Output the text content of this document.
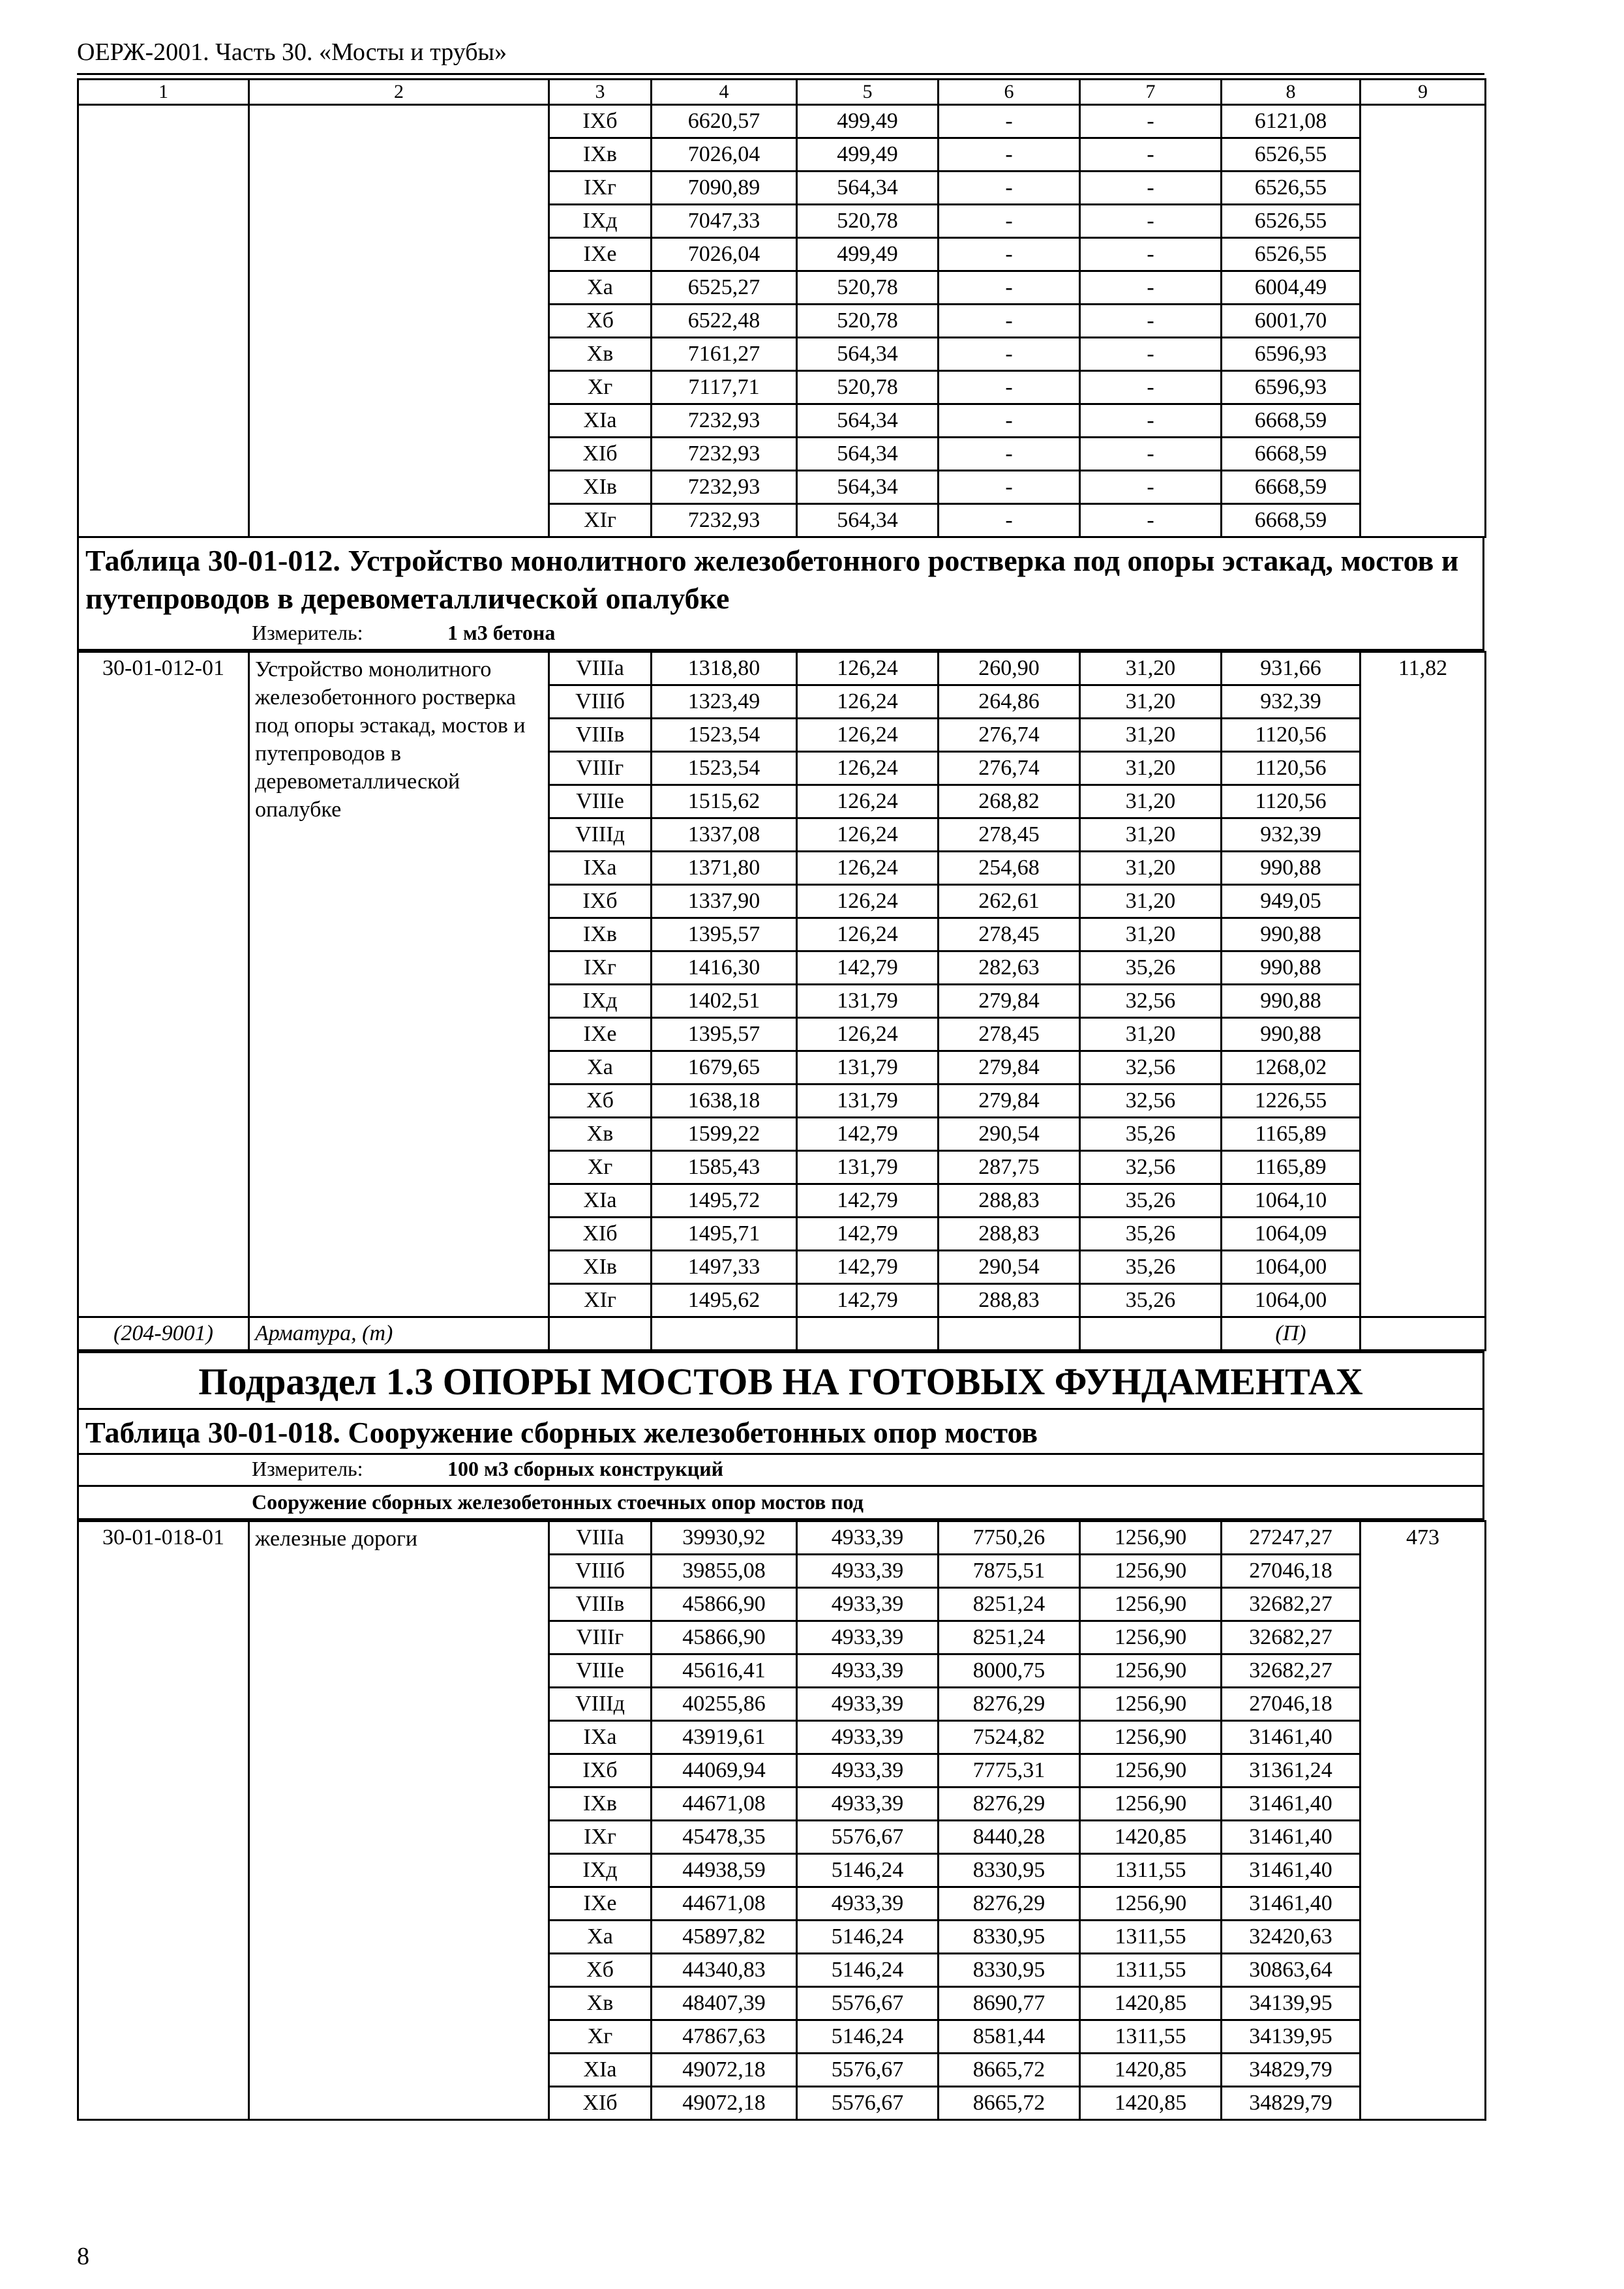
ОЕРЖ-2001. Часть 30. «Мосты и трубы»
1	2	3	4	5	6	7	8	9
		IXб	6620,57	499,49	-	-	6121,08	
		IXв	7026,04	499,49	-	-	6526,55	
		IXг	7090,89	564,34	-	-	6526,55	
		IXд	7047,33	520,78	-	-	6526,55	
		IXе	7026,04	499,49	-	-	6526,55	
		Xа	6525,27	520,78	-	-	6004,49	
		Xб	6522,48	520,78	-	-	6001,70	
		Xв	7161,27	564,34	-	-	6596,93	
		Xг	7117,71	520,78	-	-	6596,93	
		XIа	7232,93	564,34	-	-	6668,59	
		XIб	7232,93	564,34	-	-	6668,59	
		XIв	7232,93	564,34	-	-	6668,59	
		XIг	7232,93	564,34	-	-	6668,59	
Таблица 30-01-012. Устройство монолитного железобетонного ростверка под опоры эстакад, мостов и путепроводов в деревометаллической опалубке
Измеритель:	1 м3 бетона
30-01-012-01	Устройство монолитного железобетонного ростверка под опоры эстакад, мостов и путепроводов в деревометаллической опалубке	VIIIа	1318,80	126,24	260,90	31,20	931,66	11,82
		VIIIб	1323,49	126,24	264,86	31,20	932,39	
		VIIIв	1523,54	126,24	276,74	31,20	1120,56	
		VIIIг	1523,54	126,24	276,74	31,20	1120,56	
		VIIIе	1515,62	126,24	268,82	31,20	1120,56	
		VIIIд	1337,08	126,24	278,45	31,20	932,39	
		IXа	1371,80	126,24	254,68	31,20	990,88	
		IXб	1337,90	126,24	262,61	31,20	949,05	
		IXв	1395,57	126,24	278,45	31,20	990,88	
		IXг	1416,30	142,79	282,63	35,26	990,88	
		IXд	1402,51	131,79	279,84	32,56	990,88	
		IXе	1395,57	126,24	278,45	31,20	990,88	
		Xа	1679,65	131,79	279,84	32,56	1268,02	
		Xб	1638,18	131,79	279,84	32,56	1226,55	
		Xв	1599,22	142,79	290,54	35,26	1165,89	
		Xг	1585,43	131,79	287,75	32,56	1165,89	
		XIа	1495,72	142,79	288,83	35,26	1064,10	
		XIб	1495,71	142,79	288,83	35,26	1064,09	
		XIв	1497,33	142,79	290,54	35,26	1064,00	
		XIг	1495,62	142,79	288,83	35,26	1064,00	
(204-9001)	Арматура, (т)						(П)	
Подраздел 1.3 ОПОРЫ МОСТОВ НА ГОТОВЫХ ФУНДАМЕНТАХ
Таблица 30-01-018. Сооружение сборных железобетонных опор мостов
Измеритель:	100 м3 сборных конструкций
Сооружение сборных железобетонных стоечных опор мостов под
30-01-018-01	железные дороги	VIIIа	39930,92	4933,39	7750,26	1256,90	27247,27	473
		VIIIб	39855,08	4933,39	7875,51	1256,90	27046,18	
		VIIIв	45866,90	4933,39	8251,24	1256,90	32682,27	
		VIIIг	45866,90	4933,39	8251,24	1256,90	32682,27	
		VIIIе	45616,41	4933,39	8000,75	1256,90	32682,27	
		VIIIд	40255,86	4933,39	8276,29	1256,90	27046,18	
		IXа	43919,61	4933,39	7524,82	1256,90	31461,40	
		IXб	44069,94	4933,39	7775,31	1256,90	31361,24	
		IXв	44671,08	4933,39	8276,29	1256,90	31461,40	
		IXг	45478,35	5576,67	8440,28	1420,85	31461,40	
		IXд	44938,59	5146,24	8330,95	1311,55	31461,40	
		IXе	44671,08	4933,39	8276,29	1256,90	31461,40	
		Xа	45897,82	5146,24	8330,95	1311,55	32420,63	
		Xб	44340,83	5146,24	8330,95	1311,55	30863,64	
		Xв	48407,39	5576,67	8690,77	1420,85	34139,95	
		Xг	47867,63	5146,24	8581,44	1311,55	34139,95	
		XIа	49072,18	5576,67	8665,72	1420,85	34829,79	
		XIб	49072,18	5576,67	8665,72	1420,85	34829,79	
8
